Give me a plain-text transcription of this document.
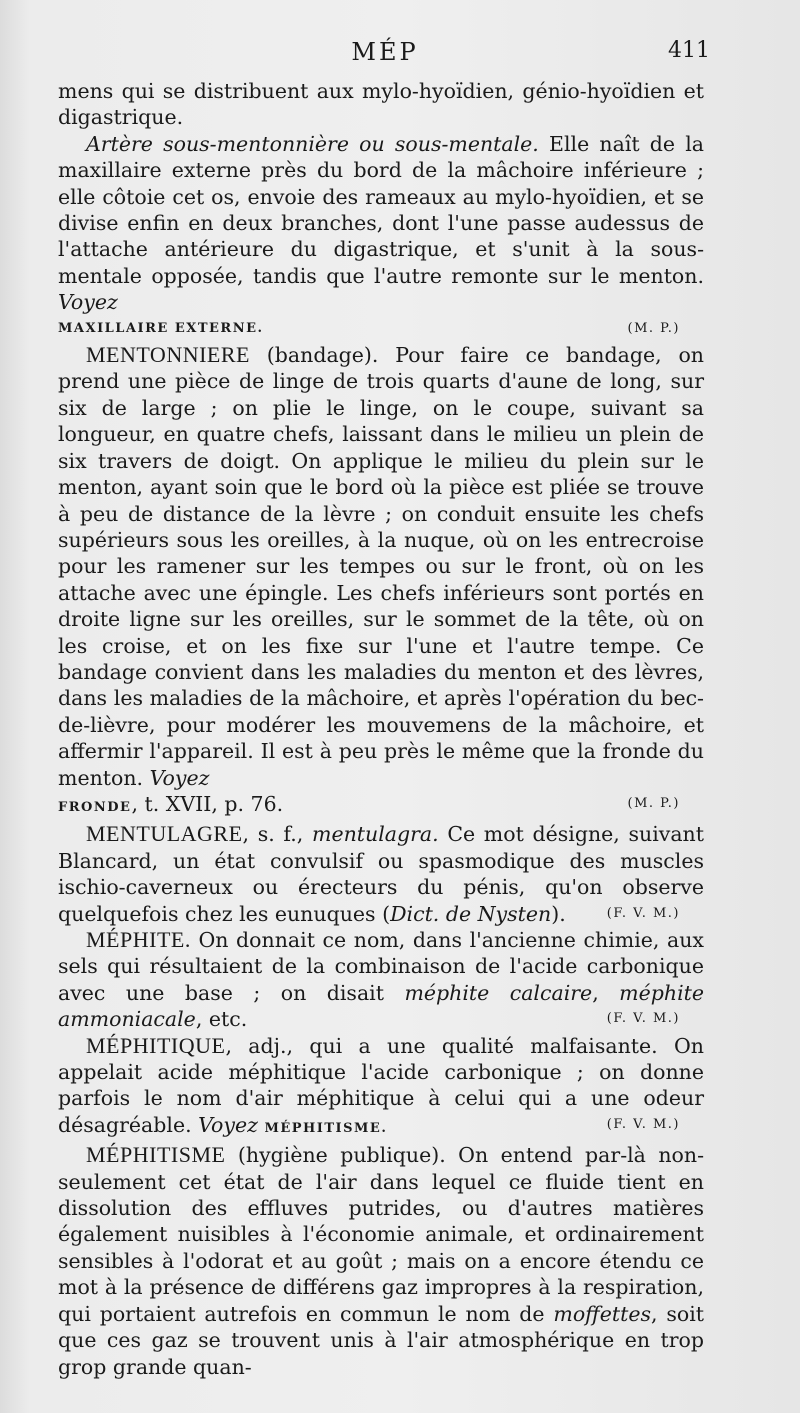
MÉP	411

mens qui se distribuent aux mylo-hyoïdien, génio-hyoïdien et digastrique.

Artère sous-mentonnière ou sous-mentale. Elle naît de la maxillaire externe près du bord de la mâchoire inférieure ; elle côtoie cet os, envoie des rameaux au mylo-hyoïdien, et se divise enfin en deux branches, dont l'une passe audessus de l'attache antérieure du digastrique, et s'unit à la sous-mentale opposée, tandis que l'autre remonte sur le menton. Voyez

MAXILLAIRE EXTERNE.	(M. P.)

MENTONNIERE (bandage). Pour faire ce bandage, on prend une pièce de linge de trois quarts d'aune de long, sur six de large ; on plie le linge, on le coupe, suivant sa longueur, en quatre chefs, laissant dans le milieu un plein de six travers de doigt. On applique le milieu du plein sur le menton, ayant soin que le bord où la pièce est pliée se trouve à peu de distance de la lèvre ; on conduit ensuite les chefs supérieurs sous les oreilles, à la nuque, où on les entrecroise pour les ramener sur les tempes ou sur le front, où on les attache avec une épingle. Les chefs inférieurs sont portés en droite ligne sur les oreilles, sur le sommet de la tête, où on les croise, et on les fixe sur l'une et l'autre tempe. Ce bandage convient dans les maladies du menton et des lèvres, dans les maladies de la mâchoire, et après l'opération du bec-de-lièvre, pour modérer les mouvemens de la mâchoire, et affermir l'appareil. Il est à peu près le même que la fronde du menton. Voyez

FRONDE, t. XVII, p. 76.	(M. P.)

MENTULAGRE, s. f., mentulagra. Ce mot désigne, suivant Blancard, un état convulsif ou spasmodique des muscles ischio-caverneux ou érecteurs du pénis, qu'on observe quelquefois chez les eunuques (Dict. de Nysten).	(F. V. M.)

MÉPHITE. On donnait ce nom, dans l'ancienne chimie, aux sels qui résultaient de la combinaison de l'acide carbonique avec une base ; on disait méphite calcaire, méphite ammoniacale, etc.	(F. V. M.)

MÉPHITIQUE, adj., qui a une qualité malfaisante. On appelait acide méphitique l'acide carbonique ; on donne parfois le nom d'air méphitique à celui qui a une odeur désagréable. Voyez MÉPHITISME.	(F. V. M.)

MÉPHITISME (hygiène publique). On entend par-là non-seulement cet état de l'air dans lequel ce fluide tient en dissolution des effluves putrides, ou d'autres matières également nuisibles à l'économie animale, et ordinairement sensibles à l'odorat et au goût ; mais on a encore étendu ce mot à la présence de différens gaz impropres à la respiration, qui portaient autrefois en commun le nom de moffettes, soit que ces gaz se trouvent unis à l'air atmosphérique en trop grop grande quan-
